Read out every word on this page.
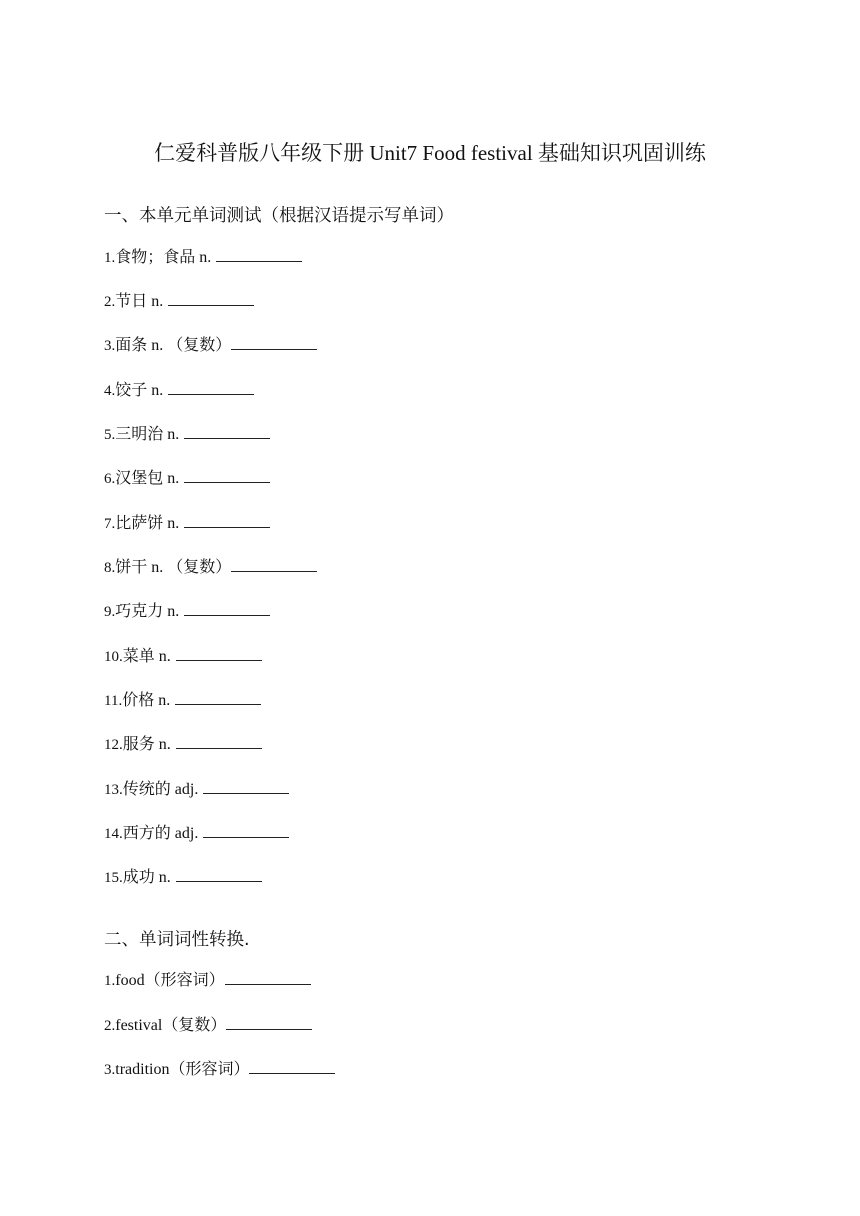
仁爱科普版八年级下册 Unit7 Food festival 基础知识巩固训练
一、本单元单词测试（根据汉语提示写单词）
1.食物；食品 n.
2.节日 n.
3.面条 n. （复数）
4.饺子 n.
5.三明治 n.
6.汉堡包 n.
7.比萨饼 n.
8.饼干 n. （复数）
9.巧克力 n.
10.菜单 n.
11.价格 n.
12.服务 n.
13.传统的 adj.
14.西方的 adj.
15.成功 n.
二、单词词性转换.
1.food（形容词）
2.festival（复数）
3.tradition（形容词）
